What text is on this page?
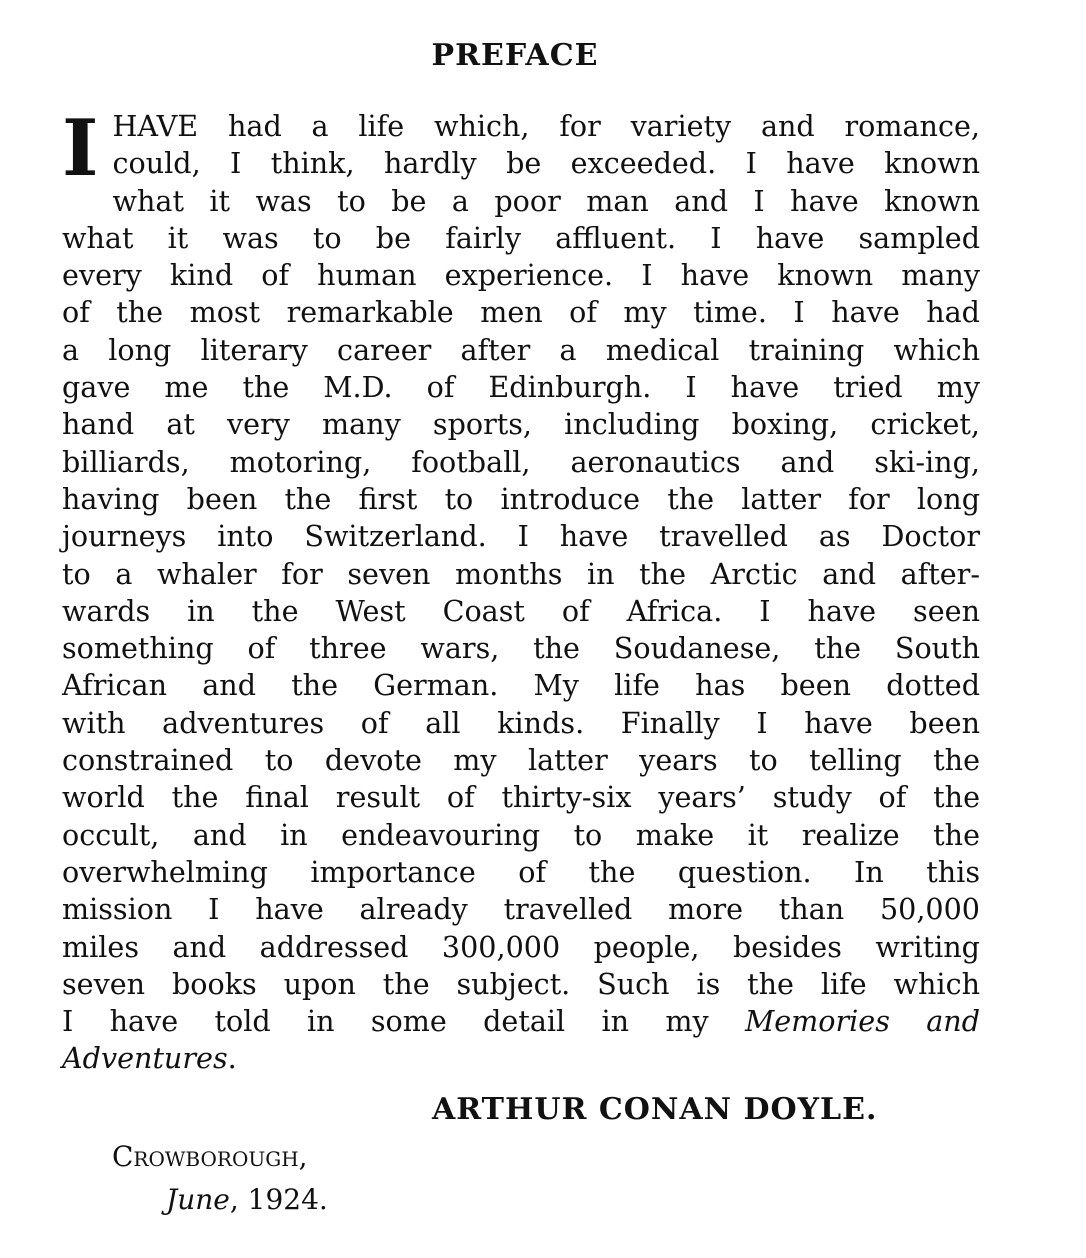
PREFACE
I HAVE had a life which, for variety and romance,
could, I think, hardly be exceeded. I have known
what it was to be a poor man and I have known
what it was to be fairly affluent. I have sampled
every kind of human experience. I have known many
of the most remarkable men of my time. I have had
a long literary career after a medical training which
gave me the M.D. of Edinburgh. I have tried my
hand at very many sports, including boxing, cricket,
billiards, motoring, football, aeronautics and ski-ing,
having been the first to introduce the latter for long
journeys into Switzerland. I have travelled as Doctor
to a whaler for seven months in the Arctic and after-
wards in the West Coast of Africa. I have seen
something of three wars, the Soudanese, the South
African and the German. My life has been dotted
with adventures of all kinds. Finally I have been
constrained to devote my latter years to telling the
world the final result of thirty-six years’ study of the
occult, and in endeavouring to make it realize the
overwhelming importance of the question. In this
mission I have already travelled more than 50,000
miles and addressed 300,000 people, besides writing
seven books upon the subject. Such is the life which
I have told in some detail in my Memories and
Adventures.

ARTHUR CONAN DOYLE.

Crowborough,

June, 1924.
